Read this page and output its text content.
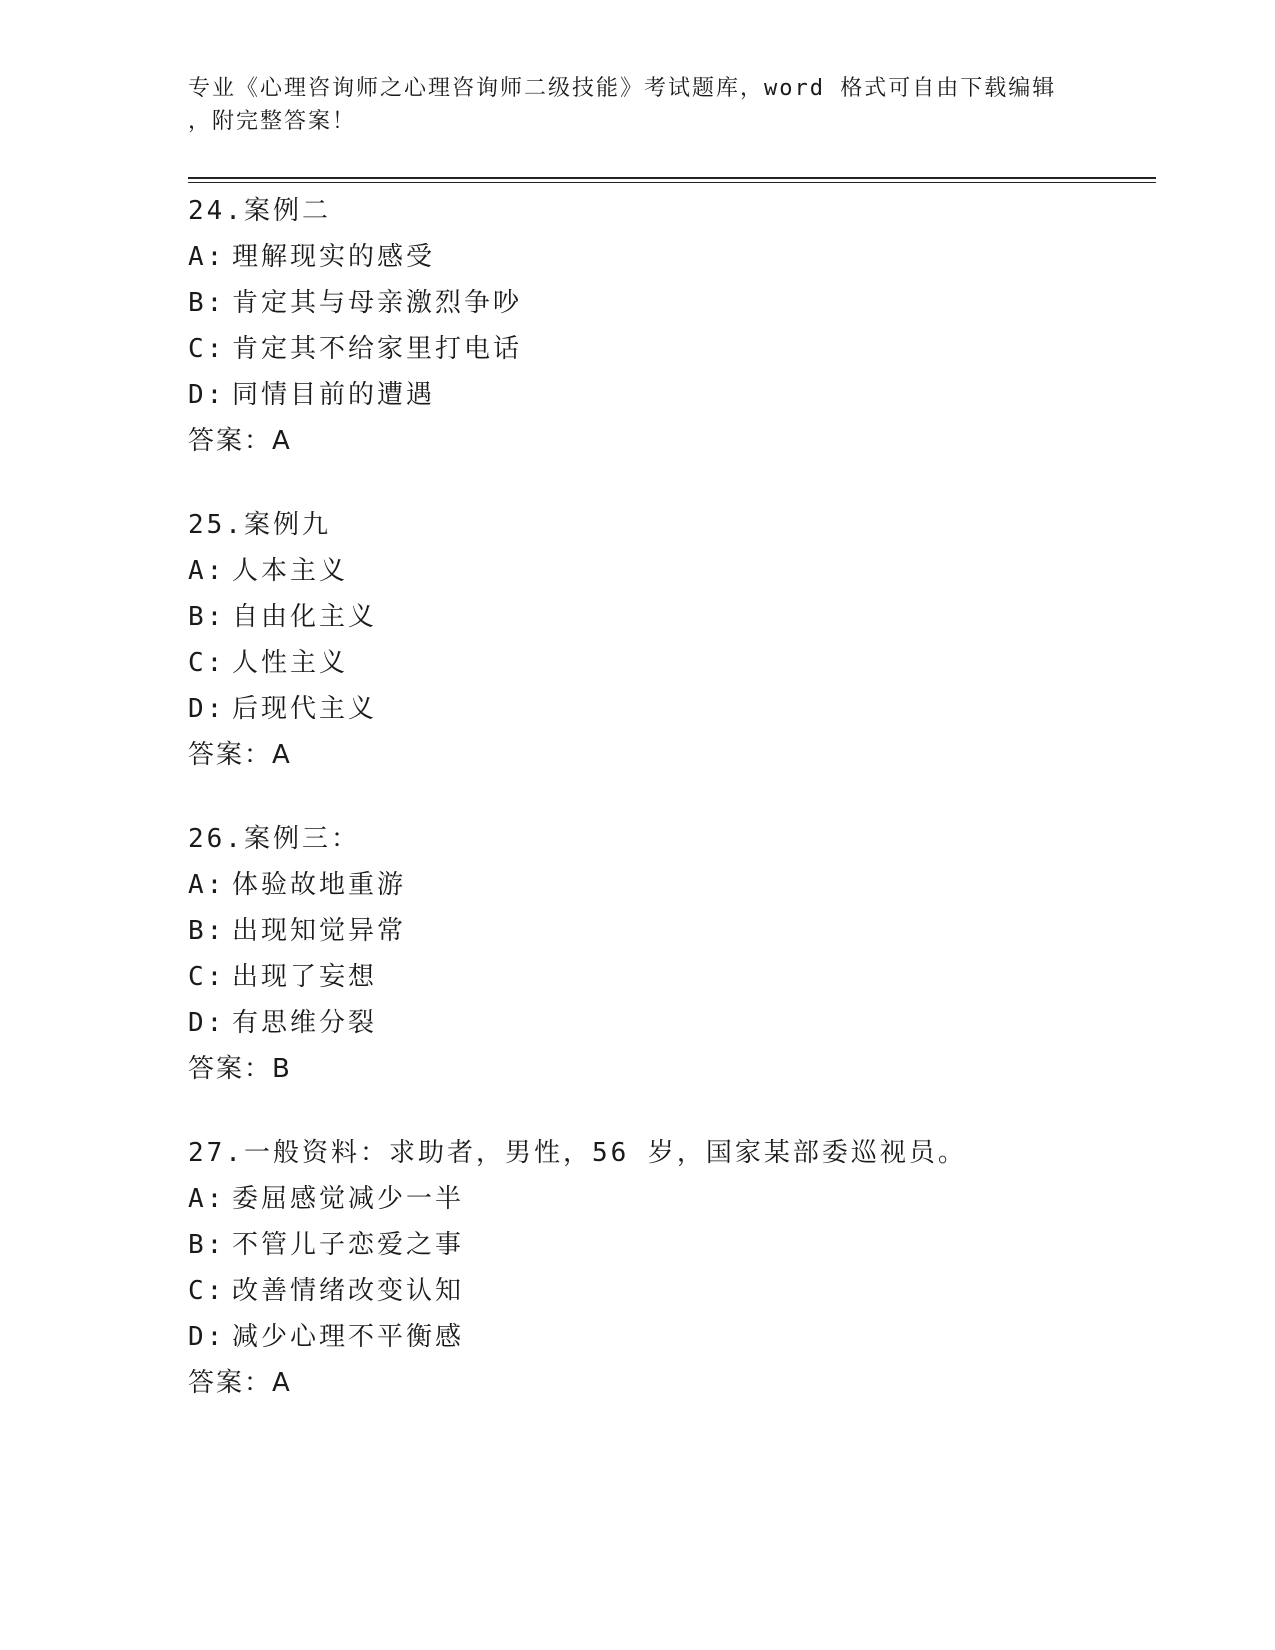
专业《心理咨询师之心理咨询师二级技能》考试题库，word 格式可自由下载编辑
，附完整答案！
24.案例二
A: 理解现实的感受
B: 肯定其与母亲激烈争吵
C: 肯定其不给家里打电话
D: 同情目前的遭遇
答案：A
25.案例九
A: 人本主义
B: 自由化主义
C: 人性主义
D: 后现代主义
答案：A
26.案例三：
A: 体验故地重游
B: 出现知觉异常
C: 出现了妄想
D: 有思维分裂
答案：B
27.一般资料：求助者，男性，56 岁，国家某部委巡视员。
A: 委屈感觉减少一半
B: 不管儿子恋爱之事
C: 改善情绪改变认知
D: 减少心理不平衡感
答案：A
